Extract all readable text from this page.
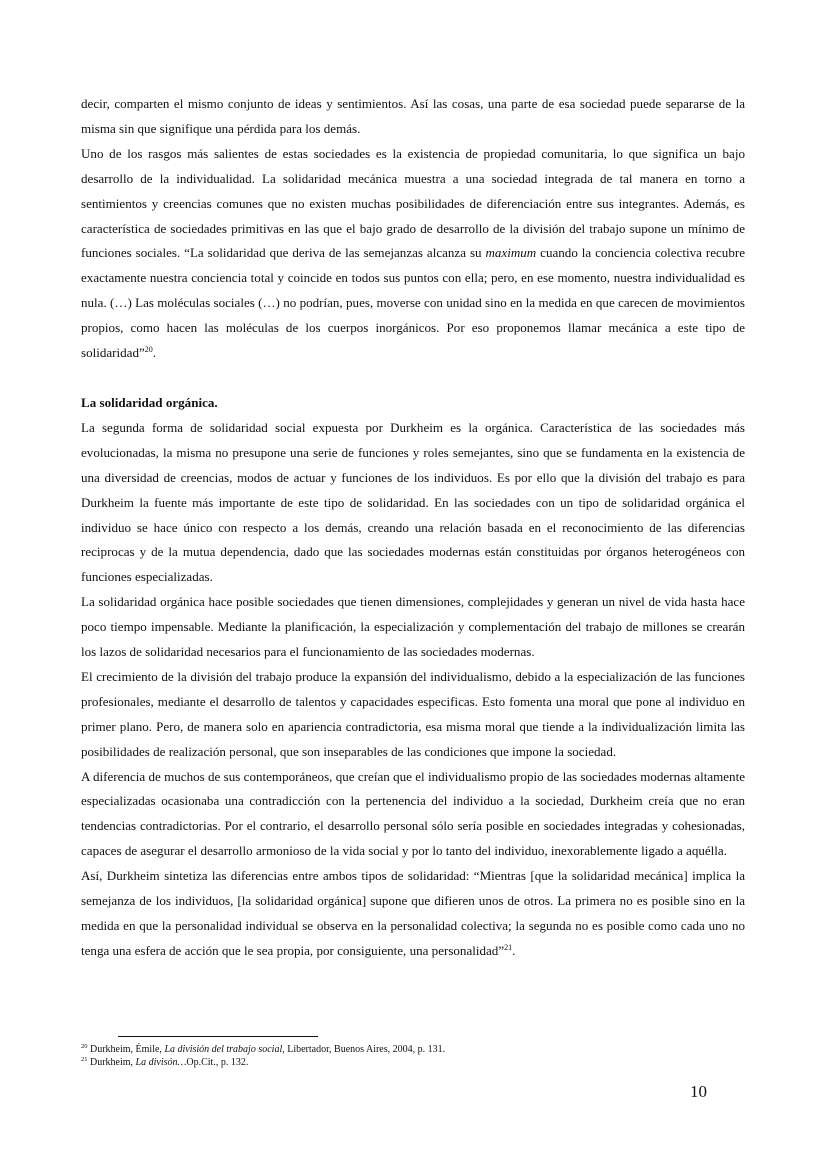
decir, comparten el mismo conjunto de ideas y sentimientos. Así las cosas, una parte de esa sociedad puede separarse de la misma sin que signifique una pérdida para los demás.

Uno de los rasgos más salientes de estas sociedades es la existencia de propiedad comunitaria, lo que significa un bajo desarrollo de la individualidad. La solidaridad mecánica muestra a una sociedad integrada de tal manera en torno a sentimientos y creencias comunes que no existen muchas posibilidades de diferenciación entre sus integrantes. Además, es característica de sociedades primitivas en las que el bajo grado de desarrollo de la división del trabajo supone un mínimo de funciones sociales. “La solidaridad que deriva de las semejanzas alcanza su maximum cuando la conciencia colectiva recubre exactamente nuestra conciencia total y coincide en todos sus puntos con ella; pero, en ese momento, nuestra individualidad es nula. (…) Las moléculas sociales (…) no podrían, pues, moverse con unidad sino en la medida en que carecen de movimientos propios, como hacen las moléculas de los cuerpos inorgánicos. Por eso proponemos llamar mecánica a este tipo de solidaridad”$^{20}$.

La solidaridad orgánica.

La segunda forma de solidaridad social expuesta por Durkheim es la orgánica. Característica de las sociedades más evolucionadas, la misma no presupone una serie de funciones y roles semejantes, sino que se fundamenta en la existencia de una diversidad de creencias, modos de actuar y funciones de los individuos. Es por ello que la división del trabajo es para Durkheim la fuente más importante de este tipo de solidaridad. En las sociedades con un tipo de solidaridad orgánica el individuo se hace único con respecto a los demás, creando una relación basada en el reconocimiento de las diferencias reciprocas y de la mutua dependencia, dado que las sociedades modernas están constituidas por órganos heterogéneos con funciones especializadas.

La solidaridad orgánica hace posible sociedades que tienen dimensiones, complejidades y generan un nivel de vida hasta hace poco tiempo impensable. Mediante la planificación, la especialización y complementación del trabajo de millones se crearán los lazos de solidaridad necesarios para el funcionamiento de las sociedades modernas.

El crecimiento de la división del trabajo produce la expansión del individualismo, debido a la especialización de las funciones profesionales, mediante el desarrollo de talentos y capacidades especificas. Esto fomenta una moral que pone al individuo en primer plano. Pero, de manera solo en apariencia contradictoria, esa misma moral que tiende a la individualización limita las posibilidades de realización personal, que son inseparables de las condiciones que impone la sociedad.

A diferencia de muchos de sus contemporáneos, que creían que el individualismo propio de las sociedades modernas altamente especializadas ocasionaba una contradicción con la pertenencia del individuo a la sociedad, Durkheim creía que no eran tendencias contradictorias. Por el contrario, el desarrollo personal sólo sería posible en sociedades integradas y cohesionadas, capaces de asegurar el desarrollo armonioso de la vida social y por lo tanto del individuo, inexorablemente ligado a aquélla.

Así, Durkheim sintetiza las diferencias entre ambos tipos de solidaridad: “Mientras [que la solidaridad mecánica] implica la semejanza de los individuos, [la solidaridad orgánica] supone que difieren unos de otros. La primera no es posible sino en la medida en que la personalidad individual se observa en la personalidad colectiva; la segunda no es posible como cada uno no tenga una esfera de acción que le sea propia, por consiguiente, una personalidad”$^{21}$.

$^{20}$ Durkheim, Émile, La división del trabajo social, Libertador, Buenos Aires, 2004, p. 131.

$^{21}$ Durkheim, La divisón…Op.Cit., p. 132.

10
